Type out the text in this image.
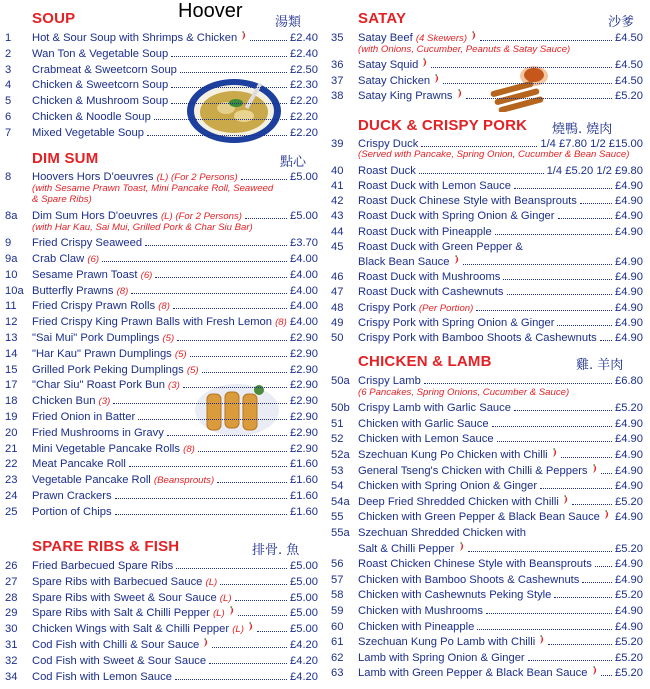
Hoover
SOUP	湯類
1	Hot & Sour Soup with Shrimps & Chicken	£2.40
2	Wan Ton & Vegetable Soup	£2.40
3	Crabmeat & Sweetcorn Soup	£2.50
4	Chicken & Sweetcorn Soup	£2.30
5	Chicken & Mushroom Soup	£2.20
6	Chicken & Noodle Soup	£2.20
7	Mixed Vegetable Soup	£2.20
DIM SUM	點心
8	Hoovers Hors D'oeuvres (L) (For 2 Persons)	£5.00
(with Sesame Prawn Toast, Mini Pancake Roll, Seaweed
& Spare Ribs)
8a	Dim Sum Hors D'oeuvres (L) (For 2 Persons)	£5.00
(with Har Kau, Sai Mui, Grilled Pork & Char Siu Bar)
9	Fried Crispy Seaweed	£3.70
9a	Crab Claw (6)	£4.00
10	Sesame Prawn Toast (6)	£4.00
10a Butterfly Prawns (8)	£4.00
11	Fried Crispy Prawn Rolls (8)	£4.00
12	Fried Crispy King Prawn Balls with Fresh Lemon (8) £4.00
13	"Sai Mui" Pork Dumplings (5)	£2.90
14	"Har Kau" Prawn Dumplings (5)	£2.90
15	Grilled Pork Peking Dumplings (5)	£2.90
17	"Char Siu" Roast Pork Bun (3)	£2.90
18	Chicken Bun (3)	£2.90
19	Fried Onion in Batter	£2.90
20	Fried Mushrooms in Gravy	£2.90
21	Mini Vegetable Pancake Rolls (8)	£2.90
22	Meat Pancake Roll	£1.60
23	Vegetable Pancake Roll (Beansprouts)	£1.60
24	Prawn Crackers	£1.60
25	Portion of Chips	£1.60
SPARE RIBS & FISH	排骨. 魚
26	Fried Barbecued Spare Ribs	£5.00
27	Spare Ribs with Barbecued Sauce (L)	£5.00
28	Spare Ribs with Sweet & Sour Sauce (L)	£5.00
29	Spare Ribs with Salt & Chilli Pepper (L)	£5.00
30	Chicken Wings with Salt & Chilli Pepper (L)	£5.00
31	Cod Fish with Chilli & Sour Sauce	£4.20
32	Cod Fish with Sweet & Sour Sauce	£4.20
34	Cod Fish with Lemon Sauce	£4.20
SATAY	沙爹
35	Satay Beef (4 Skewers)	£4.50
(with Onions, Cucumber, Peanuts & Satay Sauce)
36	Satay Squid	£4.50
37	Satay Chicken	£4.50
38	Satay King Prawns	£5.20
DUCK & CRISPY PORK 燒鴨. 燒肉
39	Crispy Duck	1/4 £7.80 1/2 £15.00
(Served with Pancake, Spring Onion, Cucumber & Bean Sauce)
40	Roast Duck	1/4 £5.20 1/2 £9.80
41	Roast Duck with Lemon Sauce	£4.90
42	Roast Duck Chinese Style with Beansprouts	£4.90
43	Roast Duck with Spring Onion & Ginger	£4.90
44	Roast Duck with Pineapple	£4.90
45	Roast Duck with Green Pepper &
Black Bean Sauce	£4.90
46	Roast Duck with Mushrooms	£4.90
47	Roast Duck with Cashewnuts	£4.90
48	Crispy Pork (Per Portion)	£4.90
49	Crispy Pork with Spring Onion & Ginger	£4.90
50	Crispy Pork with Bamboo Shoots & Cashewnuts £4.90
CHICKEN & LAMB	雞. 羊肉
50a Crispy Lamb	£6.80
(6 Pancakes, Spring Onions, Cucumber & Sauce)
50b Crispy Lamb with Garlic Sauce	£5.20
51	Chicken with Garlic Sauce	£4.90
52	Chicken with Lemon Sauce	£4.90
52a Szechuan Kung Po Chicken with Chilli	£4.90
53	General Tseng's Chicken with Chilli & Peppers	£4.90
54	Chicken with Spring Onion & Ginger	£4.90
54a Deep Fried Shredded Chicken with Chilli	£5.20
55	Chicken with Green Pepper & Black Bean Sauce	£4.90
55a Szechuan Shredded Chicken with
Salt & Chilli Pepper	£5.20
56	Roast Chicken Chinese Style with Beansprouts £4.90
57	Chicken with Bamboo Shoots & Cashewnuts	£4.90
58	Chicken with Cashewnuts Peking Style	£5.20
59	Chicken with Mushrooms	£4.90
60	Chicken with Pineapple	£4.90
61	Szechuan Kung Po Lamb with Chilli	£5.20
62	Lamb with Spring Onion & Ginger	£5.20
63	Lamb with Green Pepper & Black Bean Sauce	£5.20
